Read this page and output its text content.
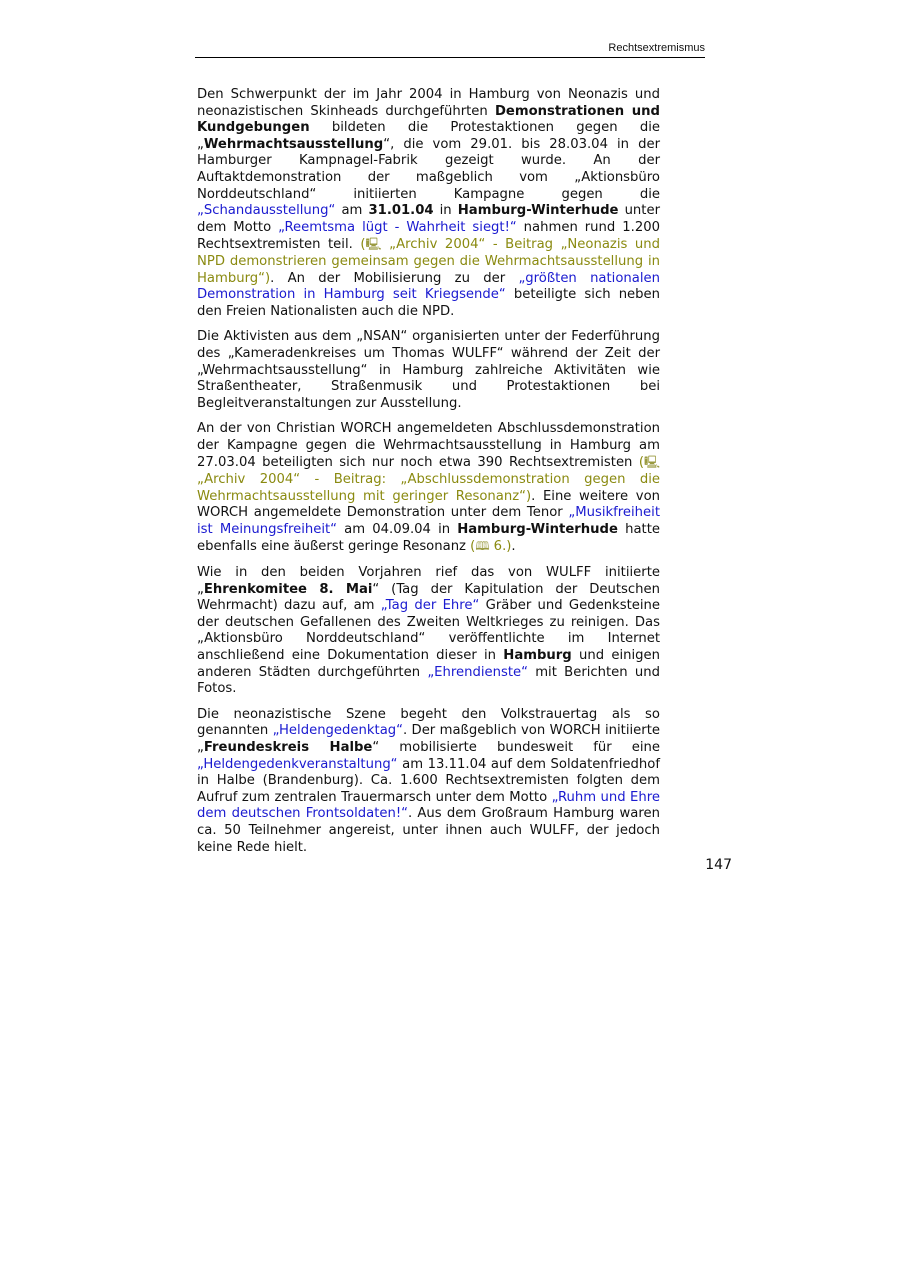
Rechtsextremismus

Den Schwerpunkt der im Jahr 2004 in Hamburg von Neonazis und neonazistischen Skinheads durchgeführten Demonstrationen und Kundgebungen bildeten die Protestaktionen gegen die „Wehrmachtsausstellung“, die vom 29.01. bis 28.03.04 in der Hamburger Kampnagel-Fabrik gezeigt wurde. An der Auftaktdemonstration der maßgeblich vom „Aktionsbüro Norddeutschland“ initiierten Kampagne gegen die „Schandausstellung“ am 31.01.04 in Hamburg-Winterhude unter dem Motto „Reemtsma lügt - Wahrheit siegt!“ nahmen rund 1.200 Rechtsextremisten teil. (🖳 „Archiv 2004“ - Beitrag „Neonazis und NPD demonstrieren gemeinsam gegen die Wehrmachtsausstellung in Hamburg“). An der Mobilisierung zu der „größten nationalen Demonstration in Hamburg seit Kriegsende“ beteiligte sich neben den Freien Nationalisten auch die NPD.

Die Aktivisten aus dem „NSAN“ organisierten unter der Federführung des „Kameradenkreises um Thomas WULFF“ während der Zeit der „Wehrmachtsausstellung“ in Hamburg zahlreiche Aktivitäten wie Straßentheater, Straßenmusik und Protestaktionen bei Begleitveranstaltungen zur Ausstellung.

An der von Christian WORCH angemeldeten Abschlussdemonstration der Kampagne gegen die Wehrmachtsausstellung in Hamburg am 27.03.04 beteiligten sich nur noch etwa 390 Rechtsextremisten (🖳 „Archiv 2004“ - Beitrag: „Abschlussdemonstration gegen die Wehrmachtsausstellung mit geringer Resonanz“). Eine weitere von WORCH angemeldete Demonstration unter dem Tenor „Musikfreiheit ist Meinungsfreiheit“ am 04.09.04 in Hamburg-Winterhude hatte ebenfalls eine äußerst geringe Resonanz (🕮 6.).

Wie in den beiden Vorjahren rief das von WULFF initiierte „Ehrenkomitee 8. Mai“ (Tag der Kapitulation der Deutschen Wehrmacht) dazu auf, am „Tag der Ehre“ Gräber und Gedenksteine der deutschen Gefallenen des Zweiten Weltkrieges zu reinigen. Das „Aktionsbüro Norddeutschland“ veröffentlichte im Internet anschließend eine Dokumentation dieser in Hamburg und einigen anderen Städten durchgeführten „Ehrendienste“ mit Berichten und Fotos.

Die neonazistische Szene begeht den Volkstrauertag als so genannten „Heldengedenktag“. Der maßgeblich von WORCH initiierte „Freundeskreis Halbe“ mobilisierte bundesweit für eine „Heldengedenkveranstaltung“ am 13.11.04 auf dem Soldatenfriedhof in Halbe (Brandenburg). Ca. 1.600 Rechtsextremisten folgten dem Aufruf zum zentralen Trauermarsch unter dem Motto „Ruhm und Ehre dem deutschen Frontsoldaten!“. Aus dem Großraum Hamburg waren ca. 50 Teilnehmer angereist, unter ihnen auch WULFF, der jedoch keine Rede hielt.

147
